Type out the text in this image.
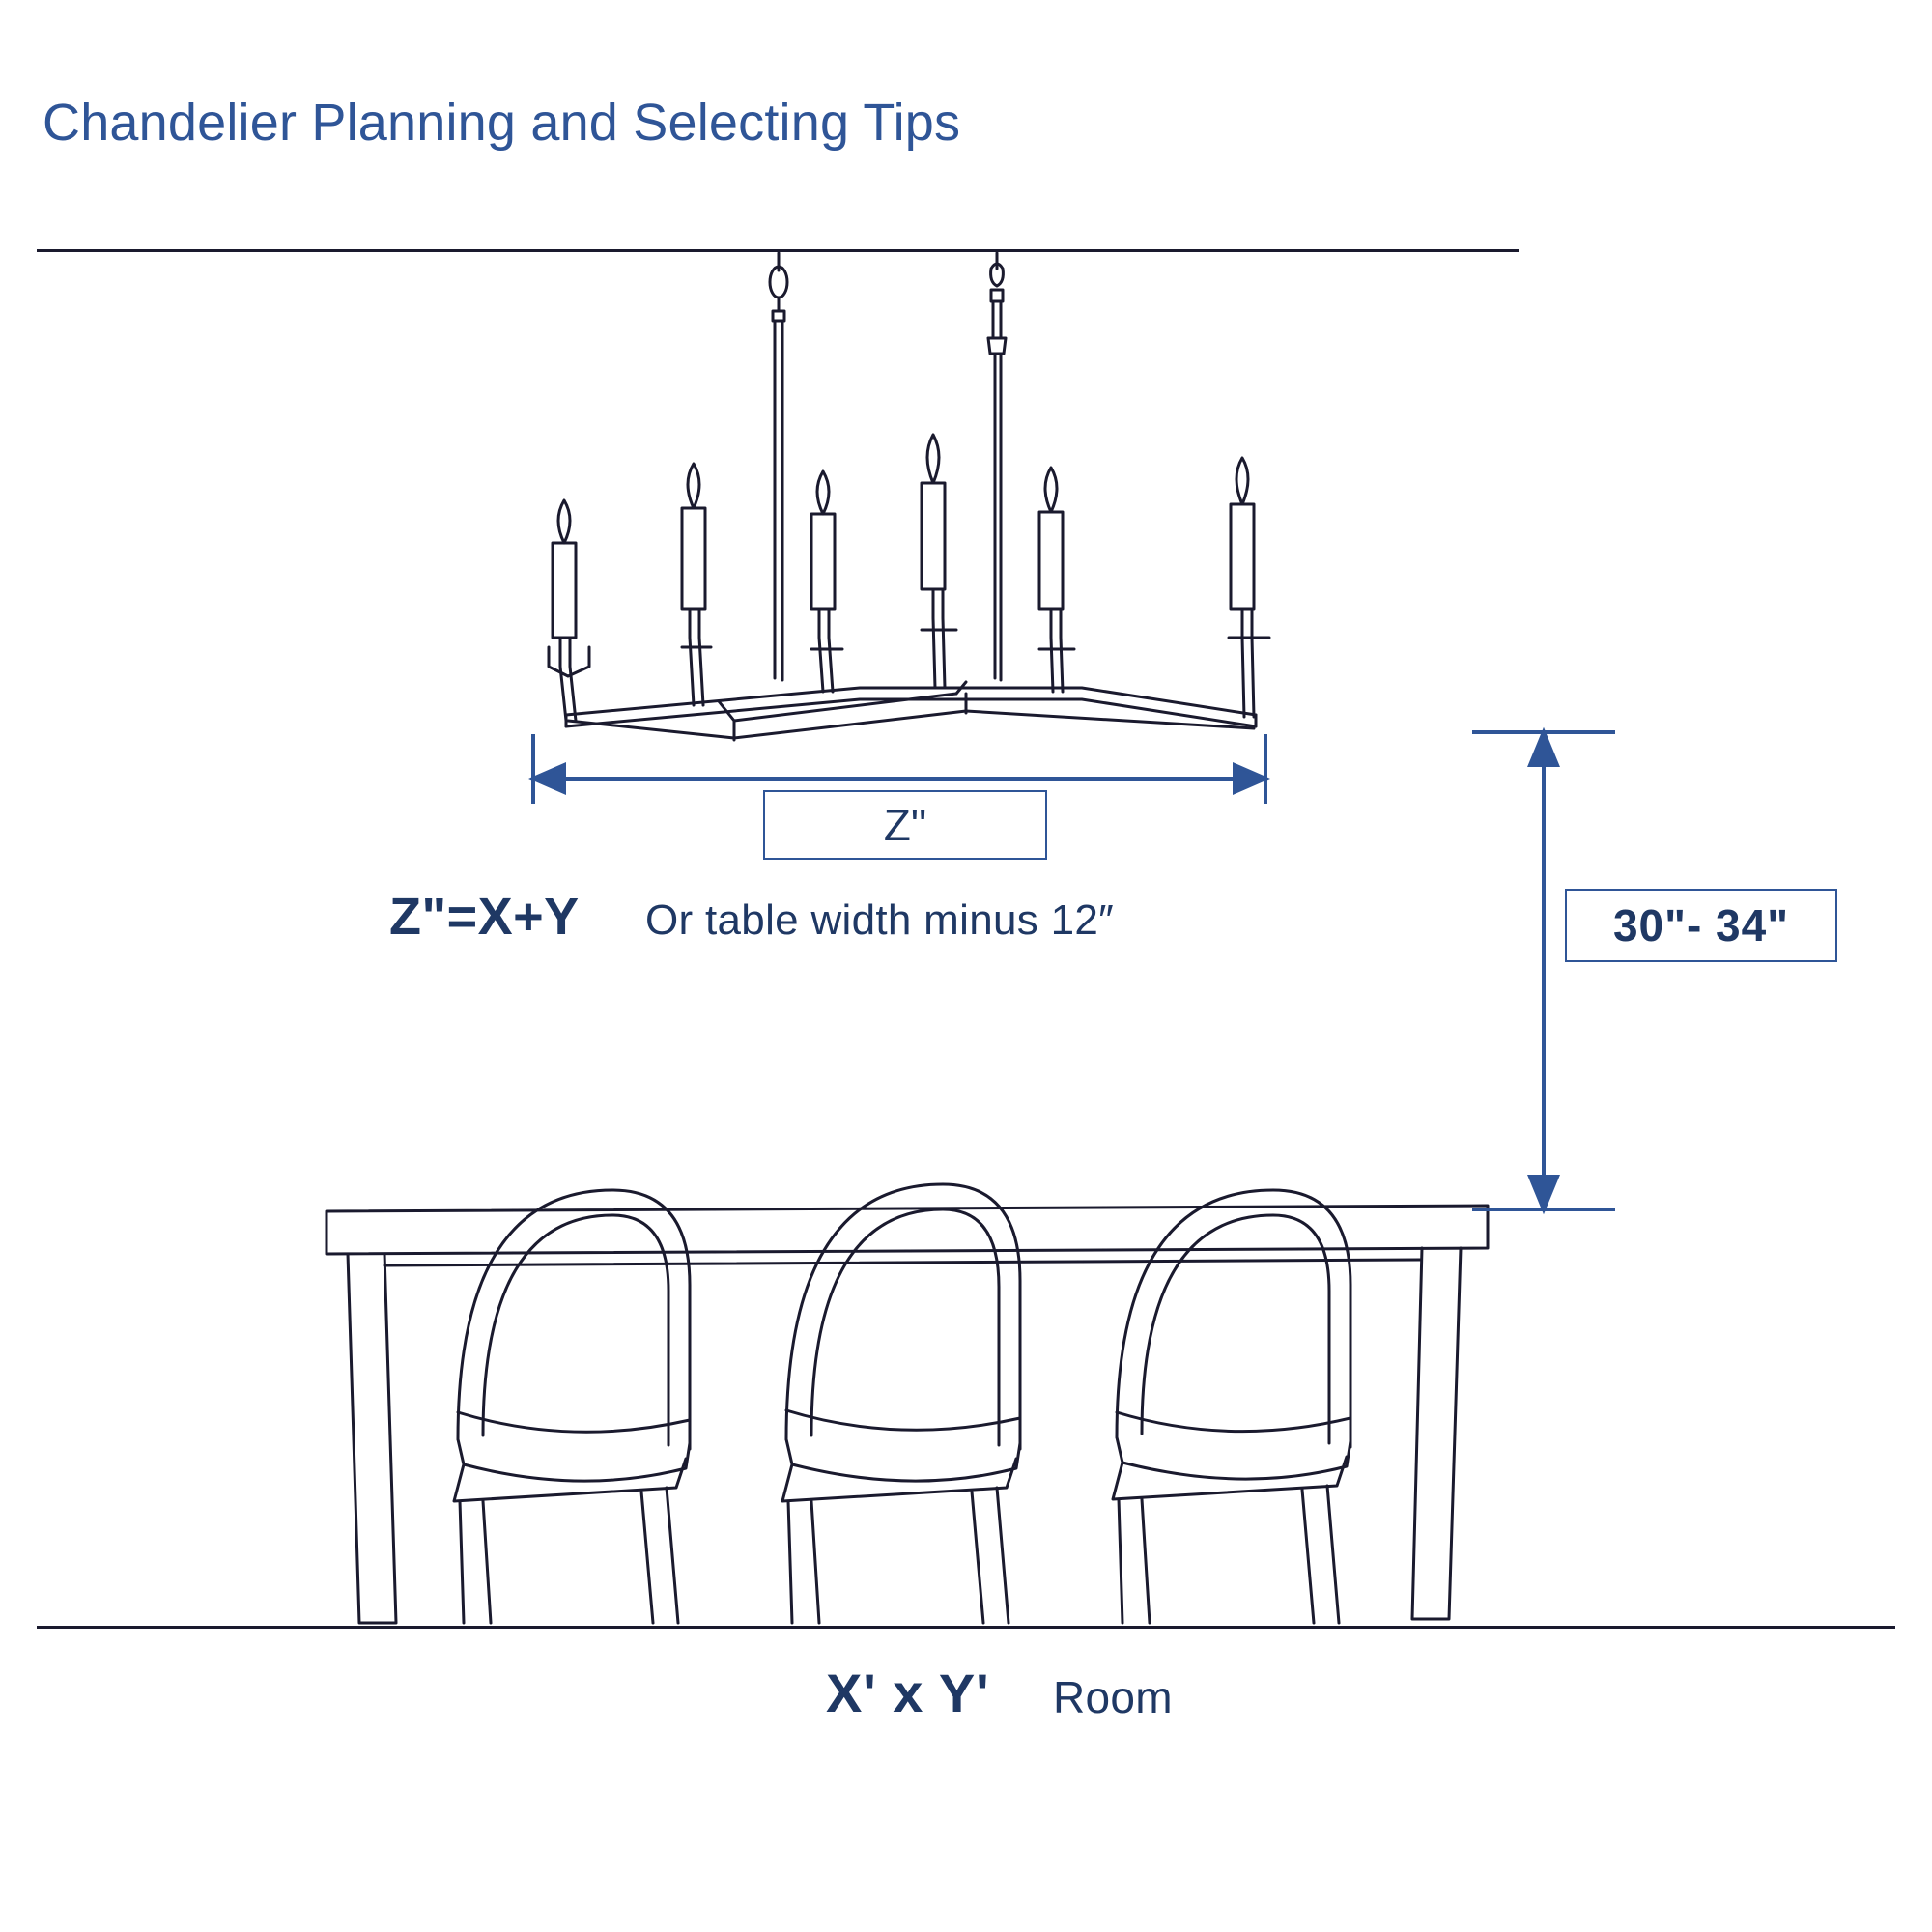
Chandelier Planning and Selecting Tips
Z"
30"- 34"
Z"=X+Y Or table width minus 12″
X' x Y' Room
